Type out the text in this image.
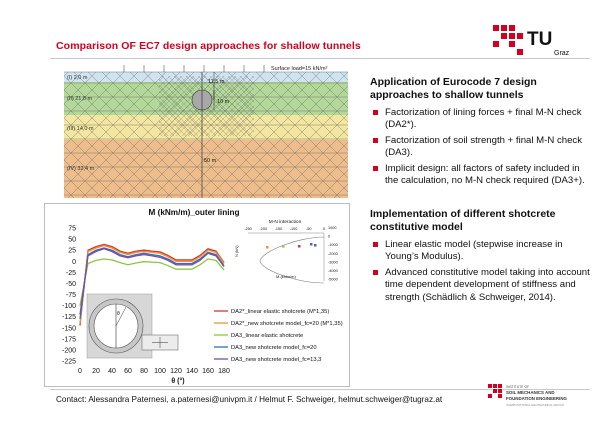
Comparison OF EC7 design approaches for shallow tunnels	TU
Graz
Surface load=15 kN/m²
11,5 m
10 m
50 m
(I) 2,0 m
(II) 21,8 m
(III) 14,0 m
(IV) 32,4 m
M (kNm/m)_outer lining
75
50
25
0
-25
-50
-75
-100
-125
-150
-175
-200
-225
0 20 40 60 80 100 120 140 160 180
θ (°)
θ
M-N interaction
-250 -200 -150 -100 -50	0 1000
0
-1000
-2000
-3000
-4000
-5000
N (kN)
M (kNm/m)
DA2*_linear elastic shotcrete (M*1,35)
DA2*_new shotcrete model_fc=20 (M*1,35)
DA3_linear elastic shotcrete
DA3_new shotcrete model_fc=20
DA3_new shotcrete model_fc=13,3
Application of Eurocode 7 design approaches to shallow tunnels
Factorization of lining forces + final M-N check (DA2*).
Factorization of soil strength + final M-N check (DA3).
Implicit design: all factors of safety included in the calculation, no M-N check required (DA3+).
Implementation of different shotcrete constitutive model
Linear elastic model (stepwise increase in Young’s Modulus).
Advanced constitutive model taking into account time dependent development of stiffness and strength (Schädlich & Schweiger, 2014).
Contact: Alessandra Paternesi, a.paternesi@univpm.it / Helmut F. Schweiger, helmut.schweiger@tugraz.at
INSTITUTE OF
SOIL MECHANICS AND
FOUNDATION ENGINEERING
COMPUTATIONAL GEOTECHNICS GROUP
